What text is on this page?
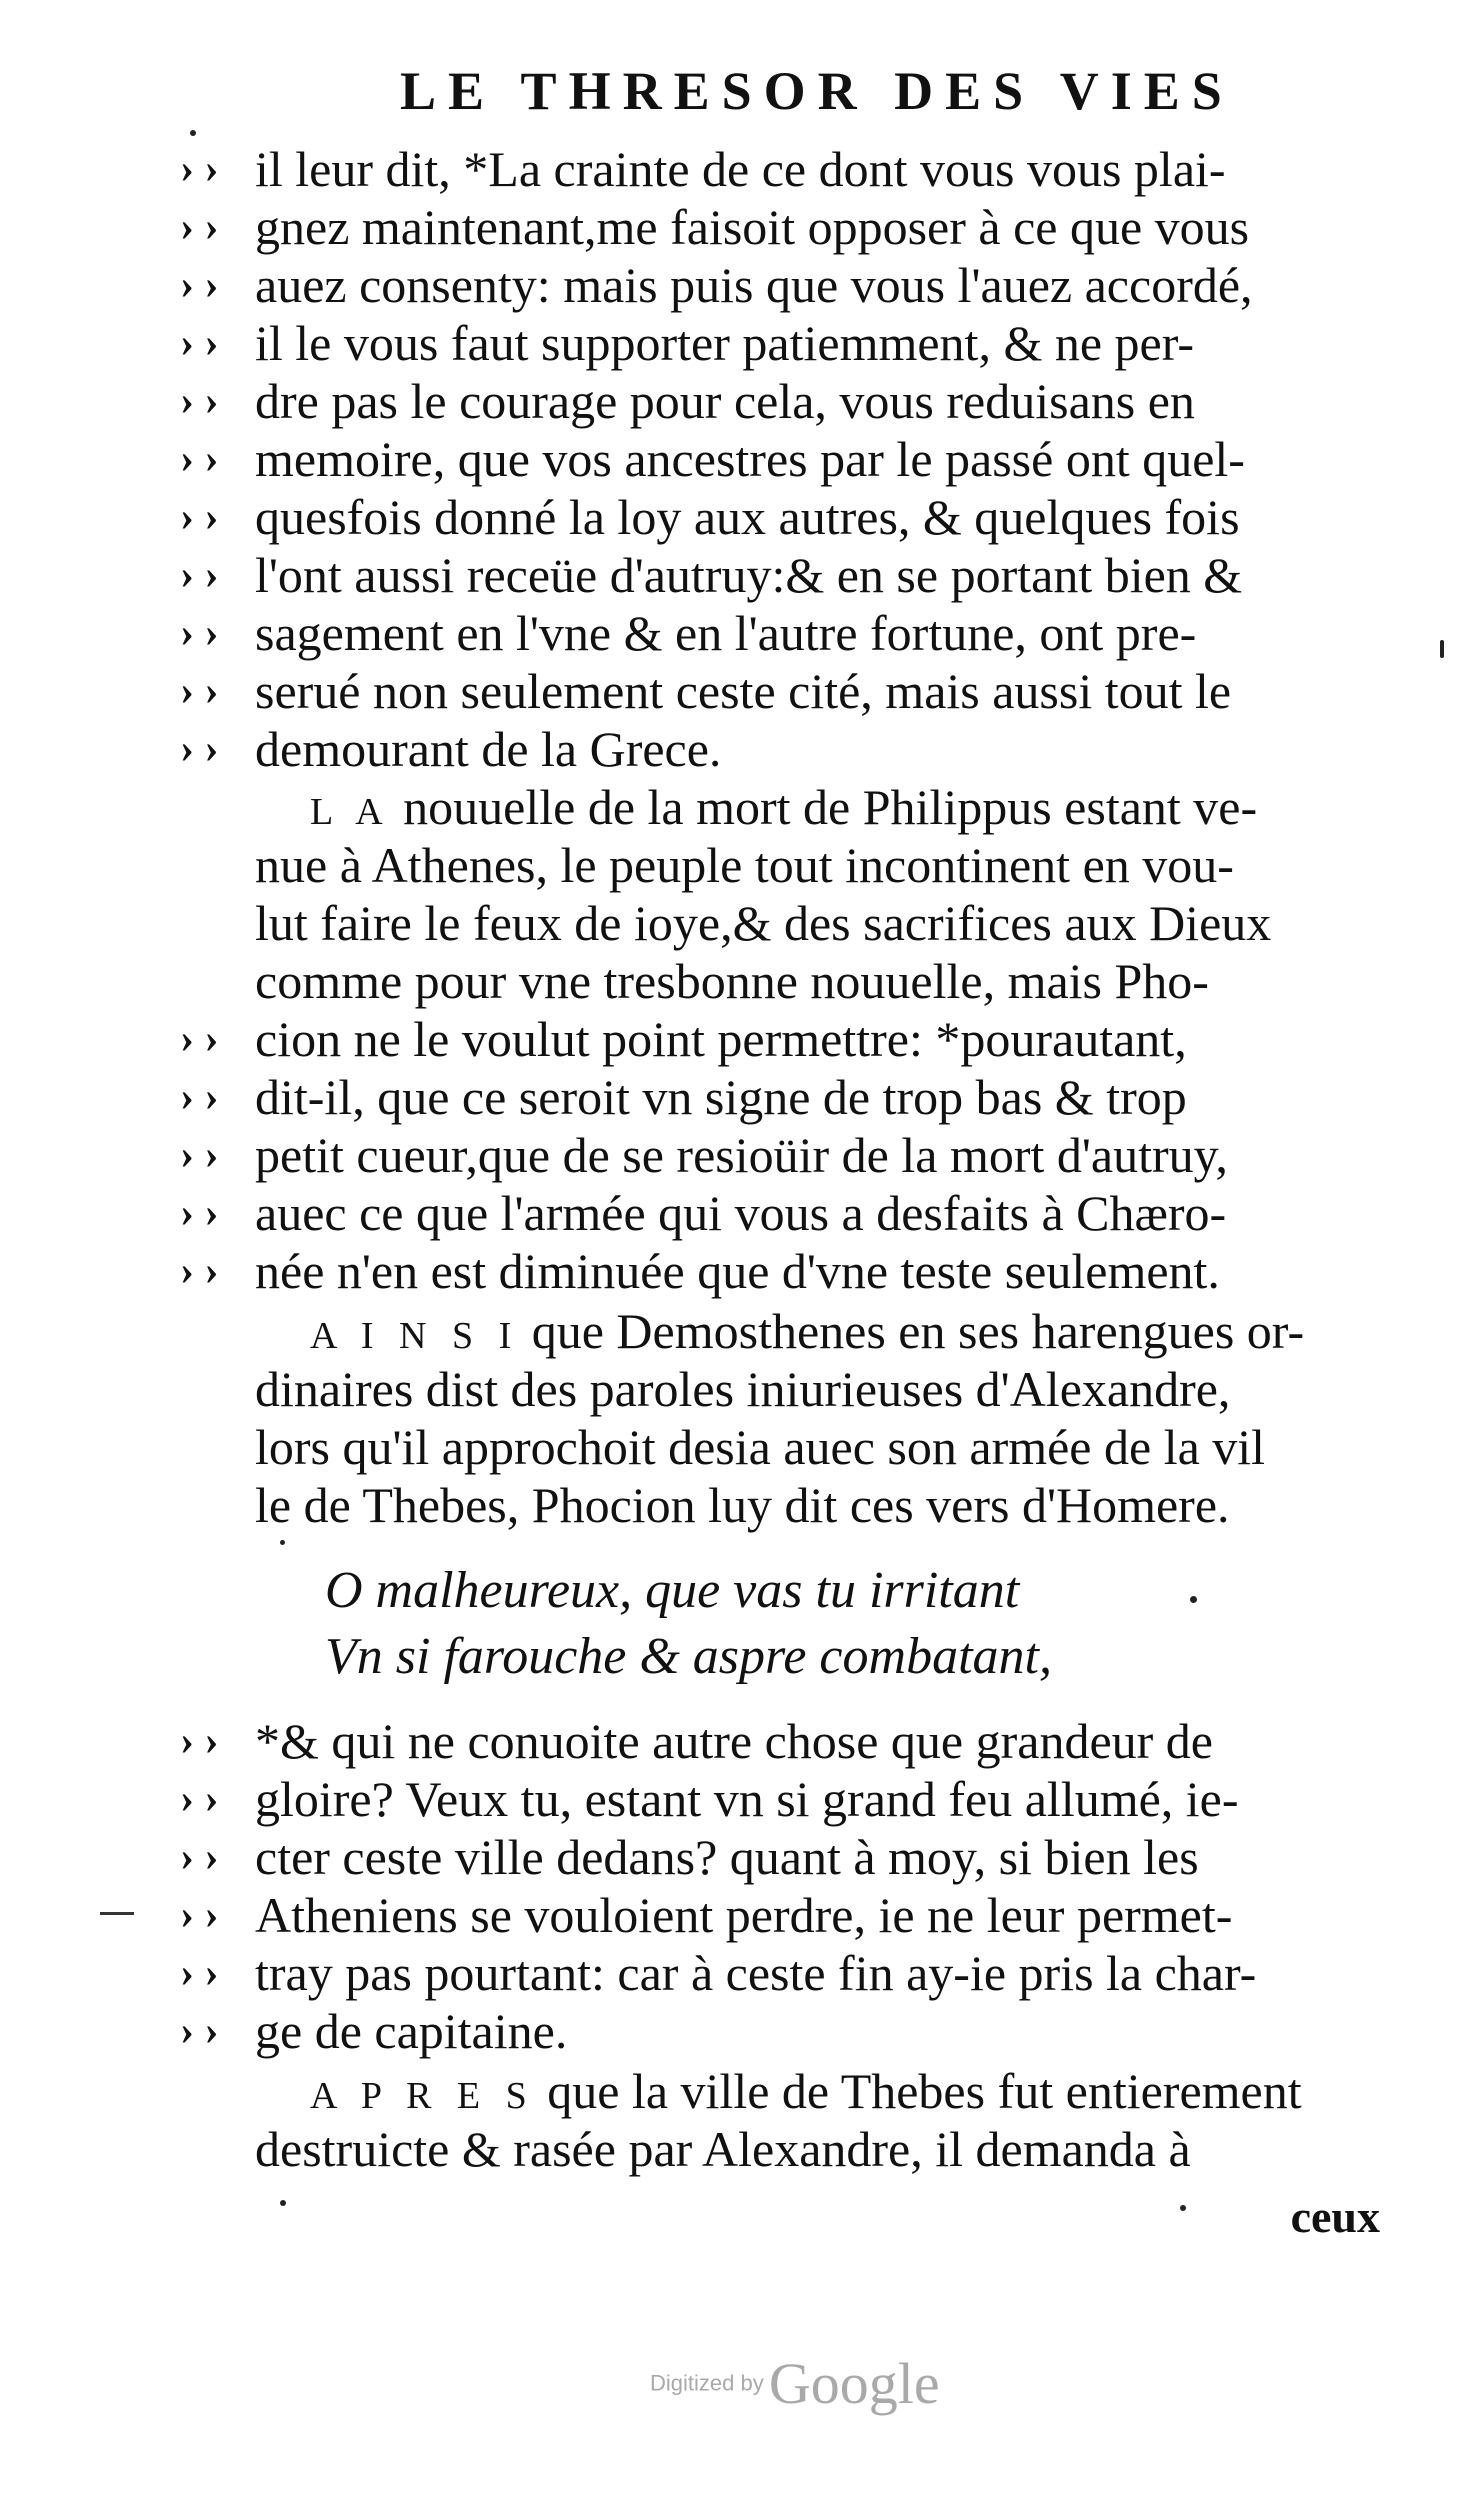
LE THRESOR DES VIES
› › il leur dit, *La crainte de ce dont vous vous plai-
› › gnez maintenant,me faisoit opposer à ce que vous
› › auez consenty: mais puis que vous l'auez accordé,
› › il le vous faut supporter patiemment, & ne per-
› › dre pas le courage pour cela, vous reduisans en
› › memoire, que vos ancestres par le passé ont quel-
› › quesfois donné la loy aux autres, & quelques fois
› › l'ont aussi receüe d'autruy:& en se portant bien &
› › sagement en l'vne & en l'autre fortune, ont pre-
› › serué non seulement ceste cité, mais aussi tout le
› › demourant de la Grece.
L A nouuelle de la mort de Philippus estant ve-
nue à Athenes, le peuple tout incontinent en vou-
lut faire le feux de ioye,& des sacrifices aux Dieux
comme pour vne tresbonne nouuelle, mais Pho-
› › cion ne le voulut point permettre: *pourautant,
› › dit-il, que ce seroit vn signe de trop bas & trop
› › petit cueur,que de se resioüir de la mort d'autruy,
› › auec ce que l'armée qui vous a desfaits à Chæro-
› › née n'en est diminuée que d'vne teste seulement.
A I N S I que Demosthenes en ses harengues or-
dinaires dist des paroles iniurieuses d'Alexandre,
lors qu'il approchoit desia auec son armée de la vil
le de Thebes, Phocion luy dit ces vers d'Homere.
O malheureux, que vas tu irritant
Vn si farouche & aspre combatant,
› › *& qui ne conuoite autre chose que grandeur de
› › gloire? Veux tu, estant vn si grand feu allumé, ie-
› › cter ceste ville dedans? quant à moy, si bien les
› › Atheniens se vouloient perdre, ie ne leur permet-
› › tray pas pourtant: car à ceste fin ay-ie pris la char-
› › ge de capitaine.
A P R E S que la ville de Thebes fut entierement
destruicte & rasée par Alexandre, il demanda à
ceux
Digitized by Google
